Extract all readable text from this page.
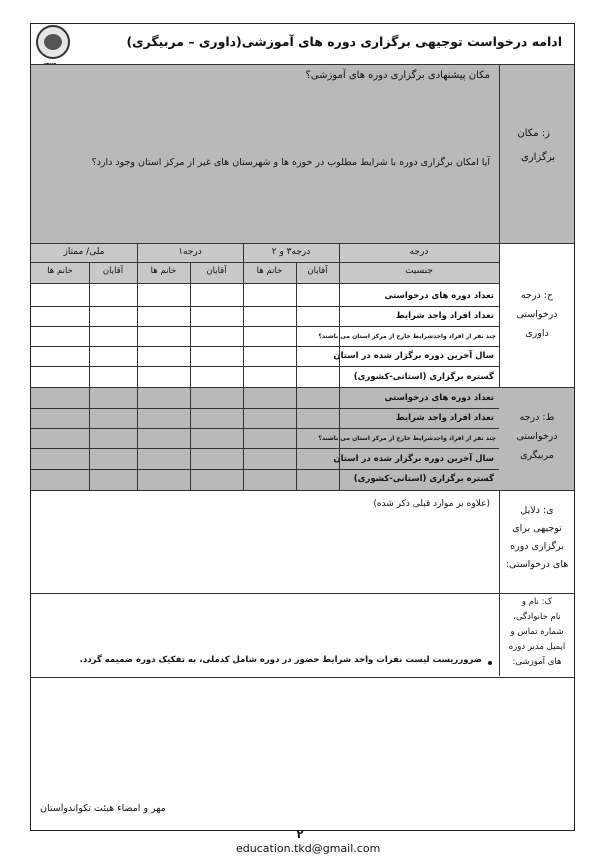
ادامه درخواست توجیهی برگزاری دوره های آموزشی(داوری – مربیگری)
ز: مکان
برگزاری
مکان پیشنهادی برگزاری دوره های آموزشی؟
آیا امکان برگزاری دوره با شرایط مطلوب در حوزه ها و شهرستان های غیر از مرکز استان وجود دارد؟
درجه
جنسیت
درجه۳ و ۲
درجه۱
ملی/ ممتاز
آقایان
خانم ها
آقایان
خانم ها
آقایان
خانم ها
ح: درجه
درخواستی
داوری
تعداد دوره های درخواستی
تعداد افراد واجد شرایط
چند نفر از افراد واجدشرایط خارج از مرکز استان می باشند؟
سال آخرین دوره برگزار شده در استان
گستره برگزاری (استانی-کشوری)
ط: درجه
درخواستی
مربیگری
تعداد دوره های درخواستی
تعداد افراد واجد شرایط
چند نفر از افراد واجدشرایط خارج از مرکز استان می باشند؟
سال آخرین دوره برگزار شده در استان
گستره برگزاری (استانی-کشوری)
ی: دلایل
توجیهی برای
برگزاری دوره
های درخواستی:
(علاوه بر موارد قبلی ذکر شده)
ک: نام و
نام خانوادگی،
شماره تماس و
ایمیل مدیر دوره
های آموزشی:
ضرورریست لیست نفرات واجد شرایط حضور در دوره شامل کدملی، به تفکیک دوره ضمیمه گردد.
مهر و امضاء هیئت تکواندواستان
۲
education.tkd@gmail.com
